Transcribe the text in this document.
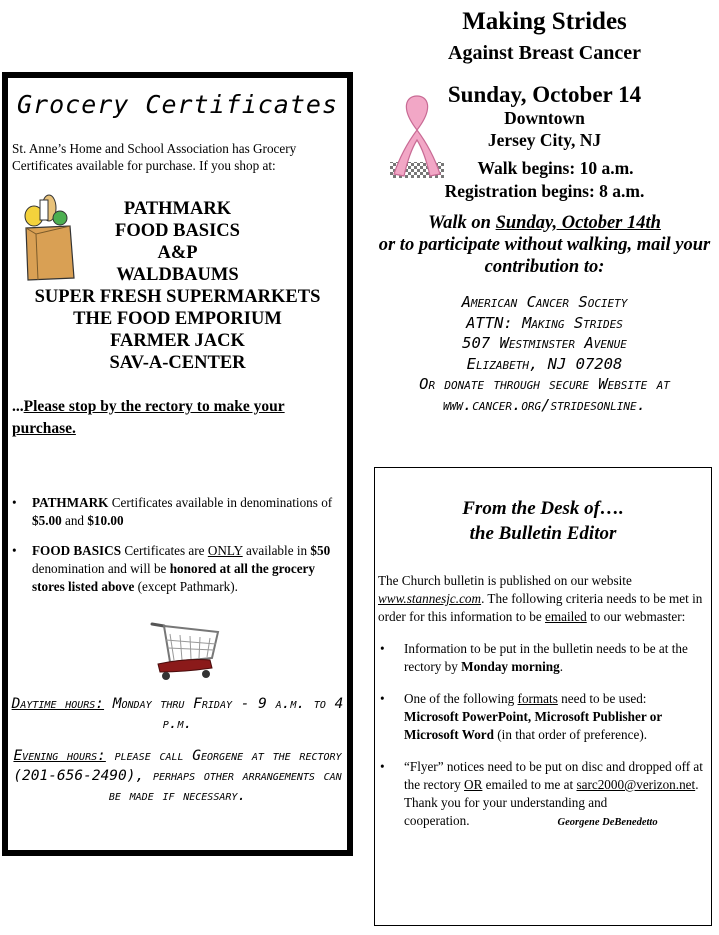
Grocery Certificates
St. Anne’s Home and School Association has Grocery Certificates available for purchase. If you shop at:
PATHMARK
FOOD BASICS
A&P
WALDBAUMS
SUPER FRESH SUPERMARKETS
THE FOOD EMPORIUM
FARMER JACK
SAV-A-CENTER
...Please stop by the rectory to make your purchase.
• PATHMARK Certificates available in denominations of $5.00 and $10.00
• FOOD BASICS Certificates are ONLY available in $50 denomination and will be honored at all the grocery stores listed above (except Pathmark).
Daytime hours: Monday thru Friday - 9 a.m. to 4 p.m.
Evening hours: please call Georgene at the rectory (201-656-2490), perhaps other arrangements can be made if necessary.
Making Strides
Against Breast Cancer
Sunday, October 14
Downtown
Jersey City, NJ
Walk begins: 10 a.m.
Registration begins: 8 a.m.
Walk on Sunday, October 14th
or to participate without walking, mail your contribution to:
American Cancer Society
ATTN: Making Strides
507 Westminster Avenue
Elizabeth, NJ 07208
Or donate through secure Website at
www.cancer.org/stridesonline.
From the Desk of….
the Bulletin Editor

The Church bulletin is published on our website www.stannesjc.com. The following criteria needs to be met in order for this information to be emailed to our webmaster:

• Information to be put in the bulletin needs to be at the rectory by Monday morning.
• One of the following formats need to be used: Microsoft PowerPoint, Microsoft Publisher or Microsoft Word (in that order of preference).
• “Flyer” notices need to be put on disc and dropped off at the rectory OR emailed to me at sarc2000@verizon.net.
Thank you for your understanding and cooperation.	Georgene DeBenedetto
